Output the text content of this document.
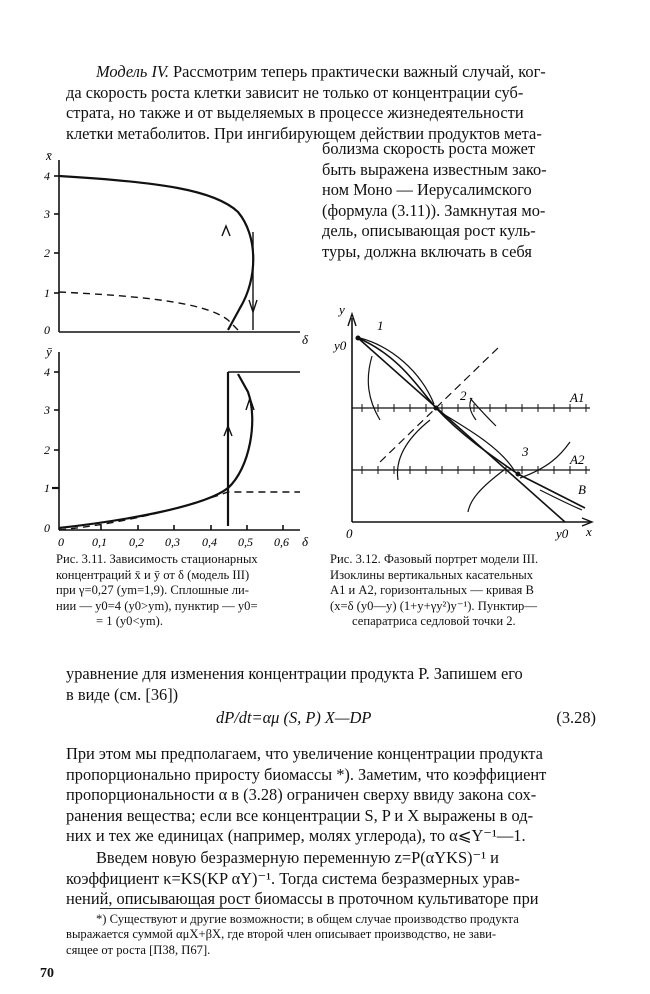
Модель IV. Рассмотрим теперь практически важный случай, ког-

да скорость роста клетки зависит не только от концентрации суб-

страта, но также и от выделяемых в процессе жизнедеятельности

клетки метаболитов. При ингибирующем действии продуктов мета-

болизма скорость роста может
быть выражена известным зако-
ном Моно — Иерусалимского
(формула (3.11)). Замкнутая мо-
дель, описывающая рост куль-
туры, должна включать в себя
x̄
4
3
2
1
0
δ
ȳ
4
3
2
1
0
0 0,1 0,2 0,3 0,4 0,5 0,6 δ
Рис. 3.11. Зависимость стационарных
концентраций x̄ и ȳ от δ (модель III)
при γ=0,27 (ym=1,9). Сплошные ли-
нии — y0=4 (y0>ym), пунктир — y0=
= 1 (y0<ym).
y
y0
1
2
3
A1
A2
B
0	y0 x
Рис. 3.12. Фазовый портрет модели III.
Изоклины вертикальных касательных
A1 и A2, горизонтальных — кривая B
(x=δ (y0—y) (1+y+γy²)y⁻¹). Пунктир—
сепаратриса седловой точки 2.

уравнение для изменения концентрации продукта P. Запишем его

в виде (см. [36])

dP/dt=αμ (S, P) X—DP	(3.28)

При этом мы предполагаем, что увеличение концентрации продукта

пропорционально приросту биомассы *). Заметим, что коэффициент

пропорциональности α в (3.28) ограничен сверху ввиду закона сох-

ранения вещества; если все концентрации S, P и X выражены в од-

них и тех же единицах (например, молях углерода), то α⩽Y⁻¹—1.

Введем новую безразмерную переменную z=P(αYKS)⁻¹ и

коэффициент κ=KS(KP αY)⁻¹. Тогда система безразмерных урав-

нений, описывающая рост биомассы в проточном культиваторе при

*) Существуют и другие возможности; в общем случае производство продукта
выражается суммой αμX+βX, где второй член описывает производство, не зави-
сящее от роста [П38, П67].
70
